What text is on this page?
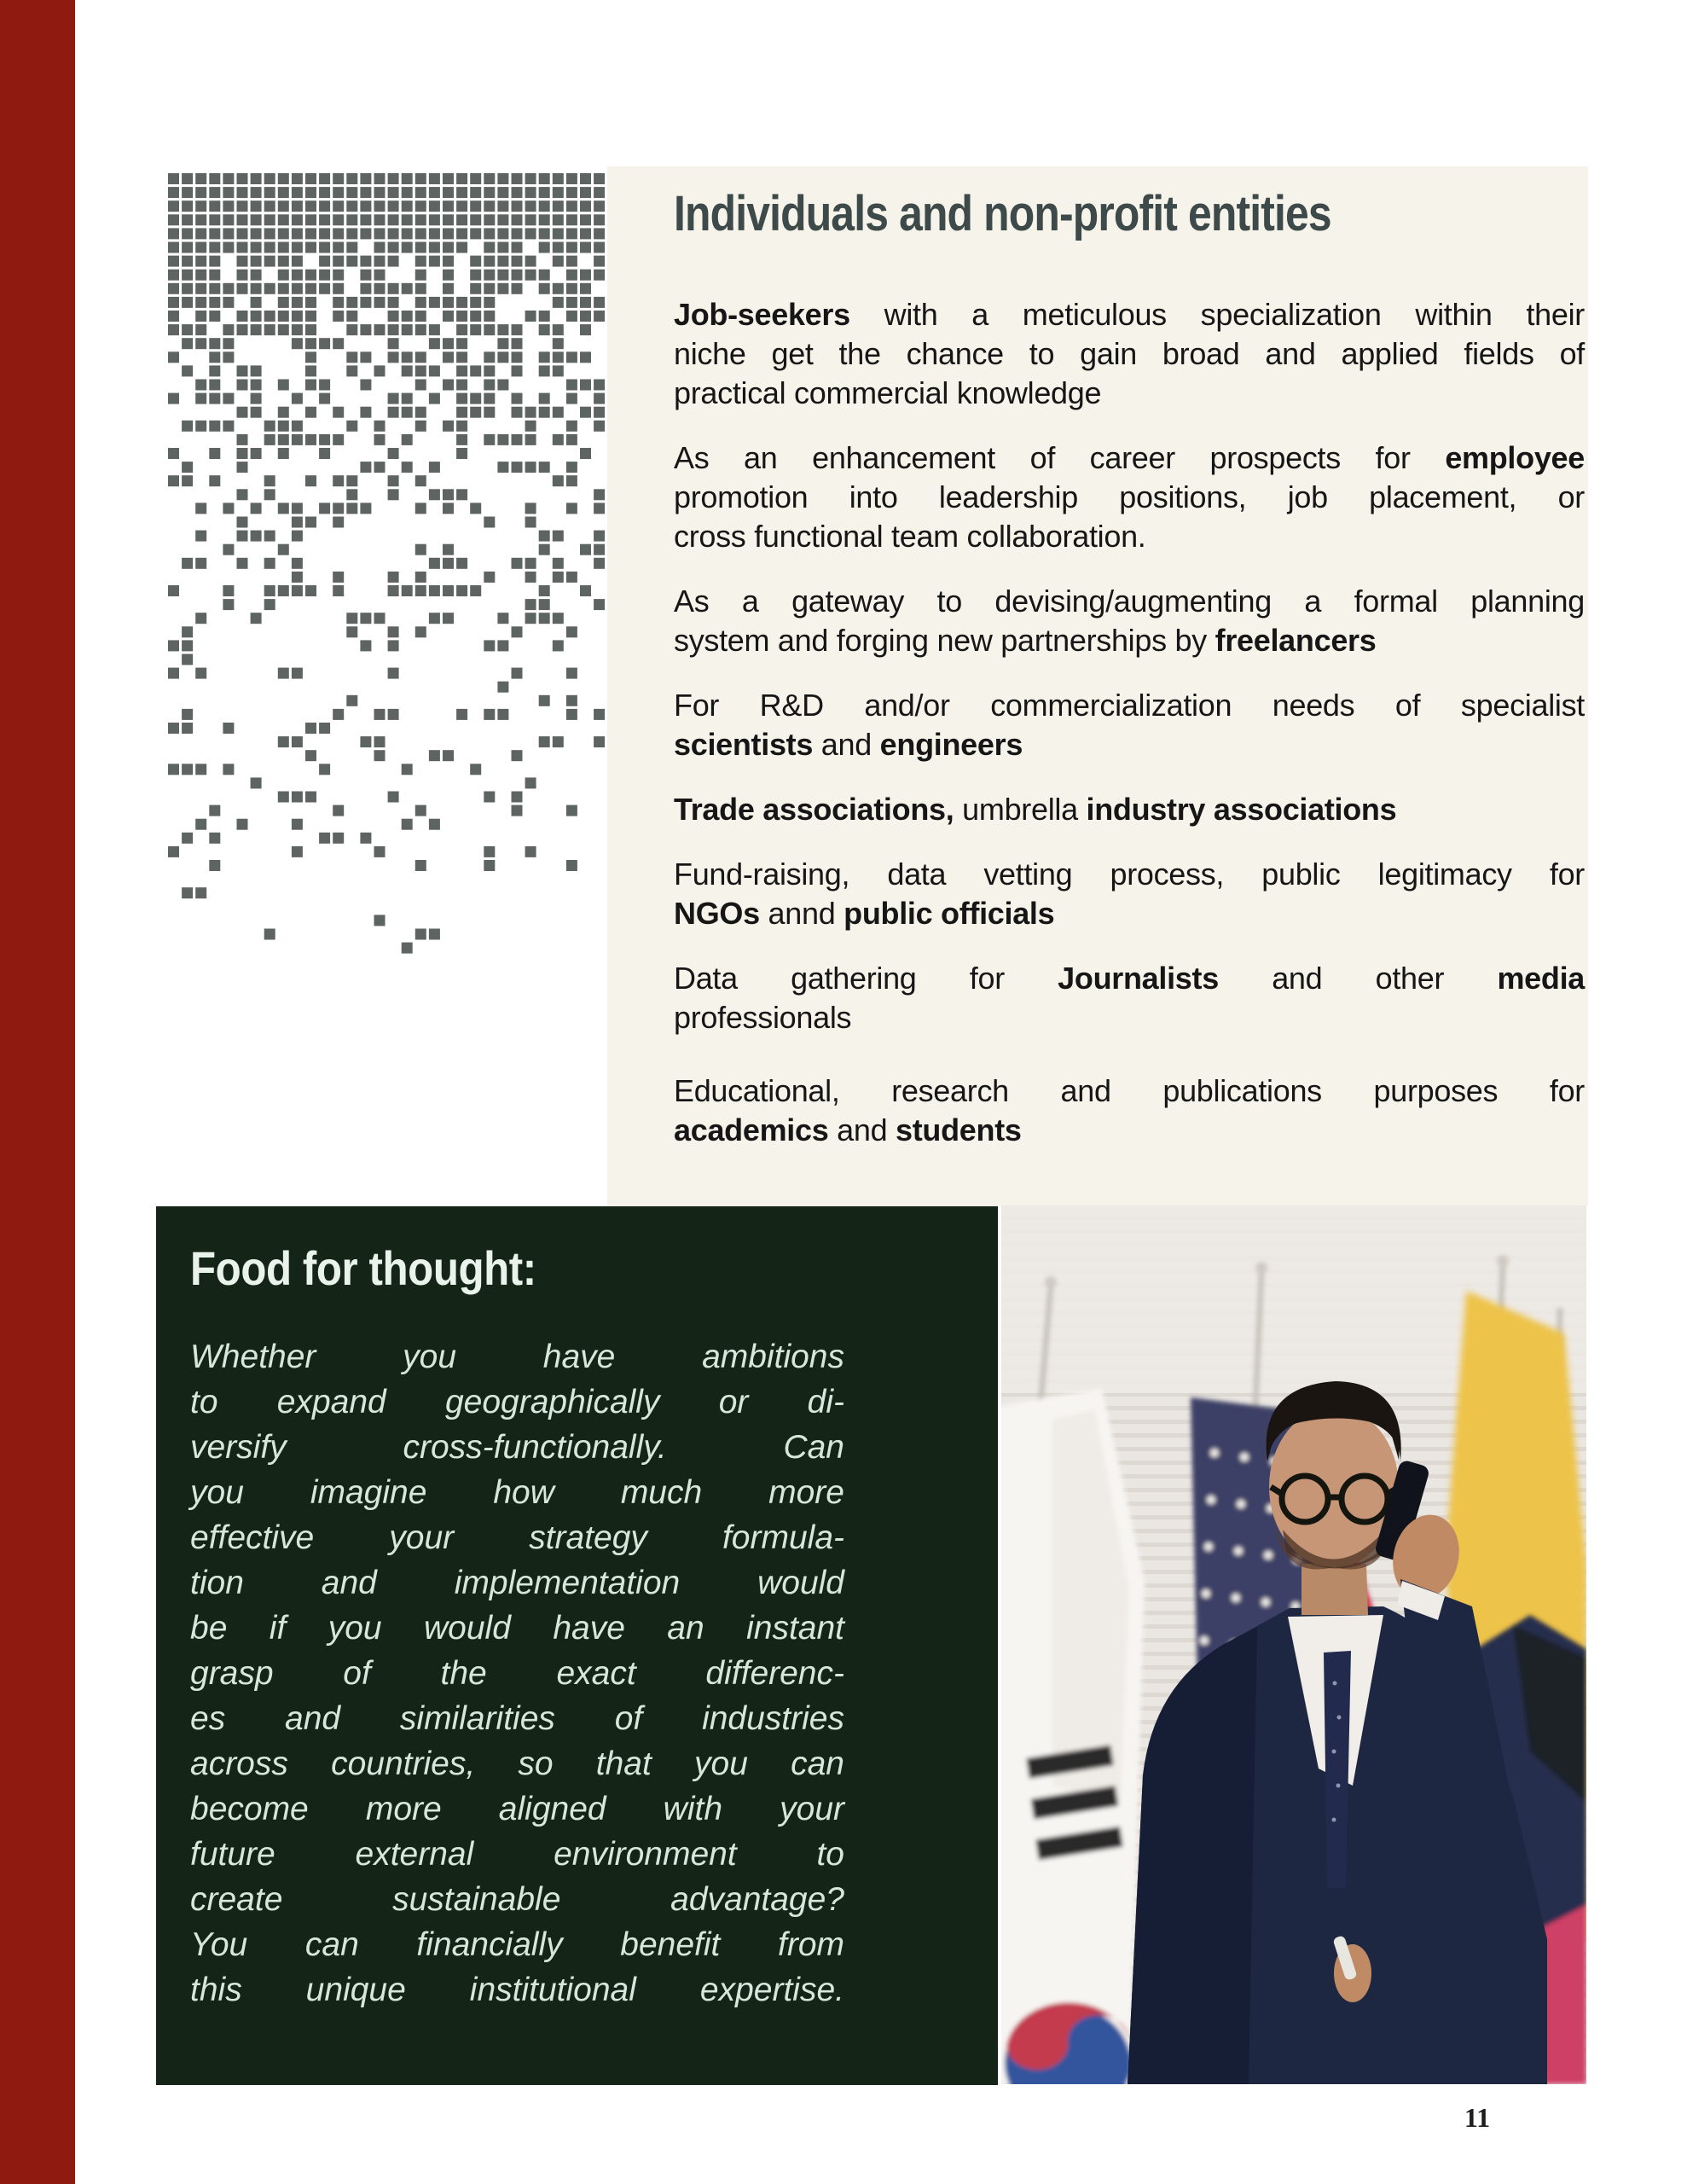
Individuals and non-profit entities
Job-seekers with a meticulous specialization within their
niche get the chance to gain broad and applied fields of
practical commercial knowledge
As an enhancement of career prospects for employee
promotion into leadership positions, job placement, or
cross functional team collaboration.
As a gateway to devising/augmenting a formal planning
system and forging new partnerships by freelancers
For R&D and/or commercialization needs of specialist
scientists and engineers
Trade associations, umbrella industry associations
Fund-raising, data vetting process, public legitimacy for
NGOs annd public officials
Data gathering for Journalists and other media
professionals
Educational, research and publications purposes for
academics and students
Food for thought:
Whether you have ambitions
to expand geographically or di-
versify cross-functionally. Can
you imagine how much more
effective your strategy formula-
tion and implementation would
be if you would have an instant
grasp of the exact differenc-
es and similarities of industries
across countries, so that you can
become more aligned with your
future external environment to
create sustainable advantage?
You can financially benefit from
this unique institutional expertise.
11
